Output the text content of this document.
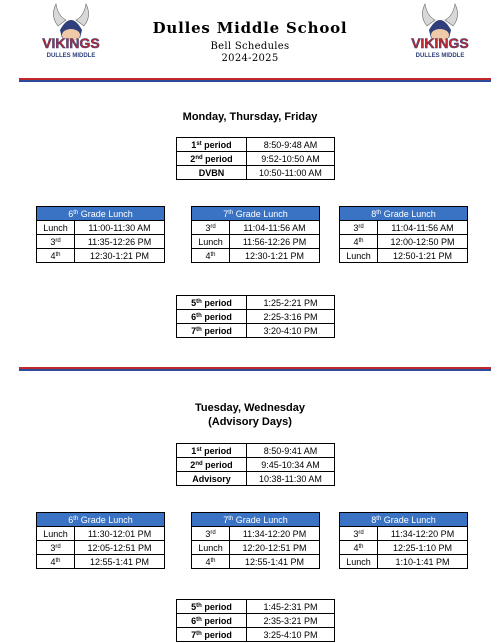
VIKINGS
DULLES MIDDLE
Dulles Middle School
Bell Schedules
2024-2025
VIKINGS
DULLES MIDDLE
Monday, Thursday, Friday
1st period	8:50-9:48 AM
2nd period	9:52-10:50 AM
DVBN	10:50-11:00 AM
6th Grade Lunch	
Lunch	11:00-11:30 AM
3rd	11:35-12:26 PM
4th	12:30-1:21 PM
7th Grade Lunch	
3rd	11:04-11:56 AM
Lunch	11:56-12:26 PM
4th	12:30-1:21 PM
8th Grade Lunch	
3rd	11:04-11:56 AM
4th	12:00-12:50 PM
Lunch	12:50-1:21 PM
5th period	1:25-2:21 PM
6th period	2:25-3:16 PM
7th period	3:20-4:10 PM
Tuesday, Wednesday
(Advisory Days)
1st period	8:50-9:41 AM
2nd period	9:45-10:34 AM
Advisory	10:38-11:30 AM
6th Grade Lunch	
Lunch	11:30-12:01 PM
3rd	12:05-12:51 PM
4th	12:55-1:41 PM
7th Grade Lunch	
3rd	11:34-12:20 PM
Lunch	12:20-12:51 PM
4th	12:55-1:41 PM
8th Grade Lunch	
3rd	11:34-12:20 PM
4th	12:25-1:10 PM
Lunch	1:10-1:41 PM
5th period	1:45-2:31 PM
6th period	2:35-3:21 PM
7th period	3:25-4:10 PM
